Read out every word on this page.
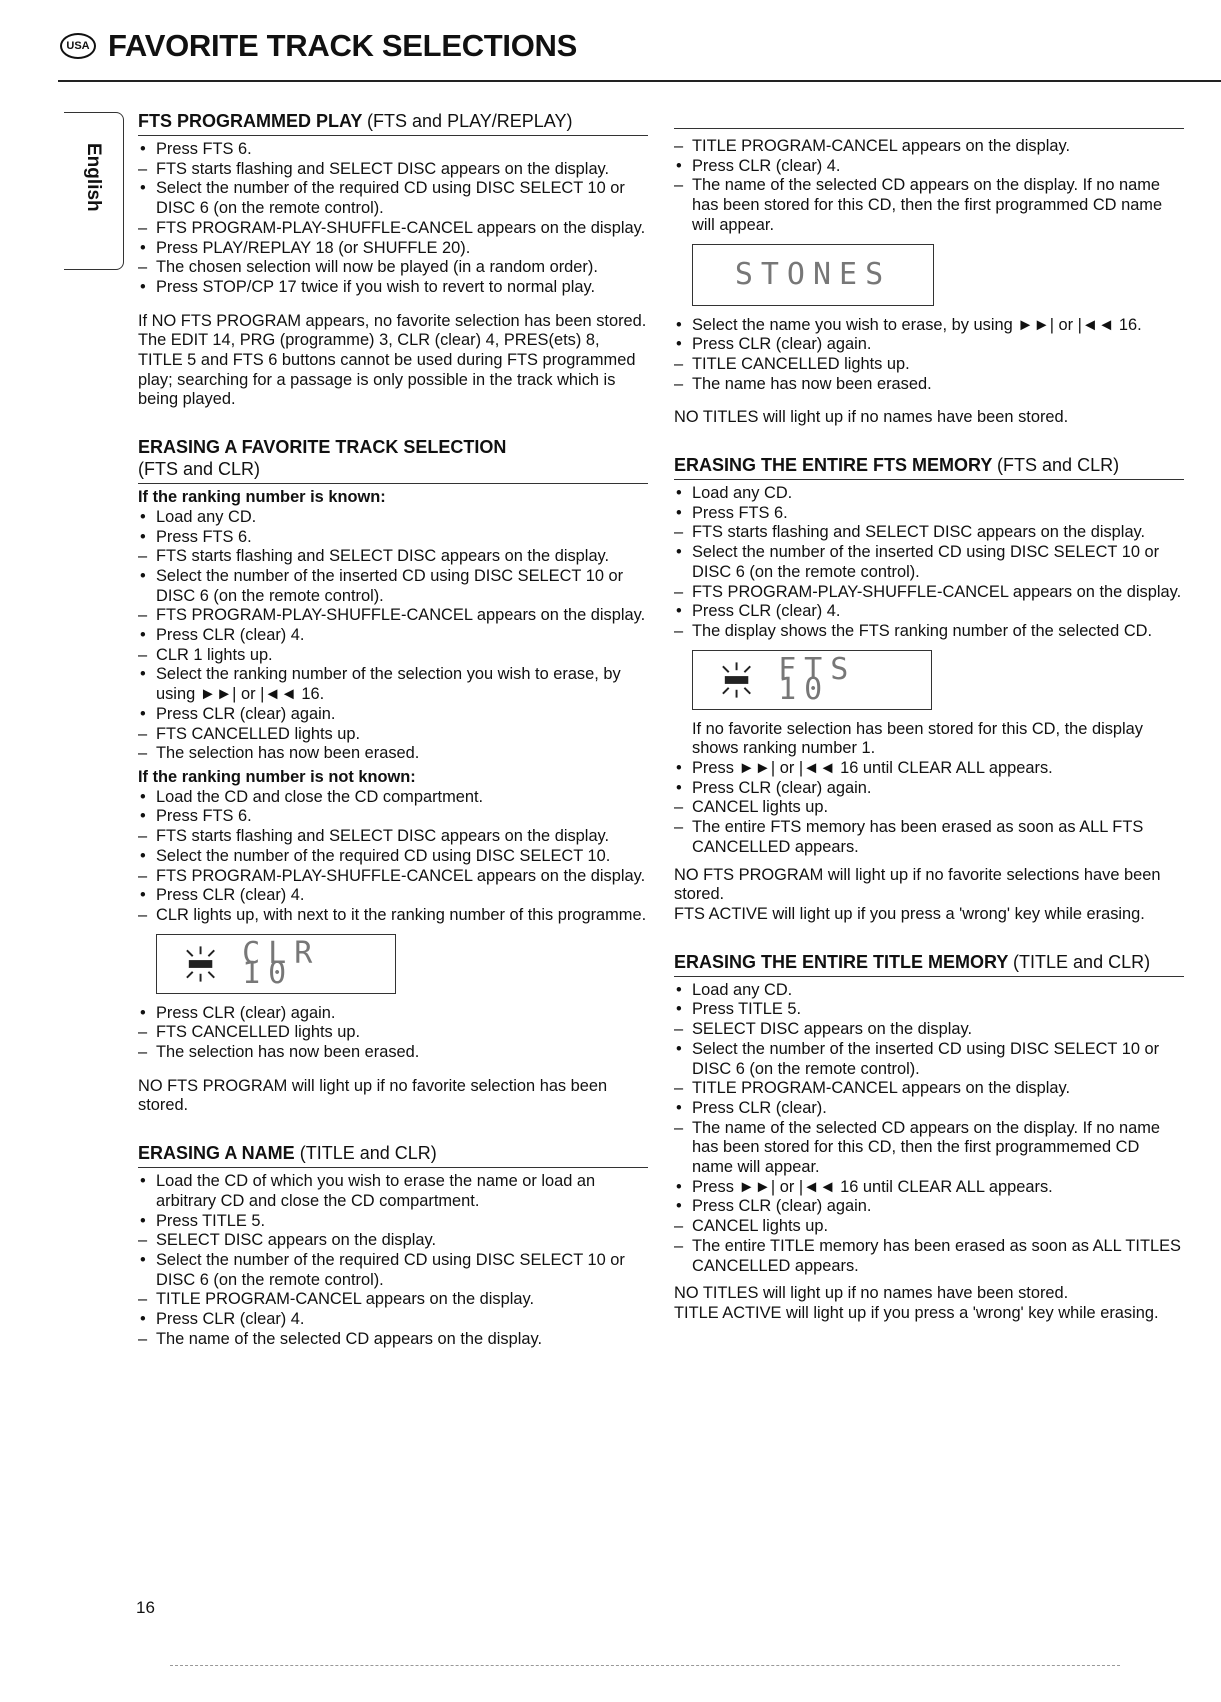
USA FAVORITE TRACK SELECTIONS
English
FTS PROGRAMMED PLAY (FTS and PLAY/REPLAY)
• Press FTS 6.
– FTS starts flashing and SELECT DISC appears on the display.
• Select the number of the required CD using DISC SELECT 10 or DISC 6 (on the remote control).
– FTS PROGRAM-PLAY-SHUFFLE-CANCEL appears on the display.
• Press PLAY/REPLAY 18 (or SHUFFLE 20).
– The chosen selection will now be played (in a random order).
• Press STOP/CP 17 twice if you wish to revert to normal play.

If NO FTS PROGRAM appears, no favorite selection has been stored.

The EDIT 14, PRG (programme) 3, CLR (clear) 4, PRES(ets) 8, TITLE 5 and FTS 6 buttons cannot be used during FTS programmed play; searching for a passage is only possible in the track which is being played.

ERASING A FAVORITE TRACK SELECTION
(FTS and CLR)
If the ranking number is known:
• Load any CD.
• Press FTS 6.
– FTS starts flashing and SELECT DISC appears on the display.
• Select the number of the inserted CD using DISC SELECT 10 or DISC 6 (on the remote control).
– FTS PROGRAM-PLAY-SHUFFLE-CANCEL appears on the display.
• Press CLR (clear) 4.
– CLR 1 lights up.
• Select the ranking number of the selection you wish to erase, by using ►►| or |◄◄ 16.
• Press CLR (clear) again.
– FTS CANCELLED lights up.
– The selection has now been erased.
If the ranking number is not known:
• Load the CD and close the CD compartment.
• Press FTS 6.
– FTS starts flashing and SELECT DISC appears on the display.
• Select the number of the required CD using DISC SELECT 10.
– FTS PROGRAM-PLAY-SHUFFLE-CANCEL appears on the display.
• Press CLR (clear) 4.
– CLR lights up, with next to it the ranking number of this programme.
CLR 10
• Press CLR (clear) again.
– FTS CANCELLED lights up.
– The selection has now been erased.

NO FTS PROGRAM will light up if no favorite selection has been stored.

ERASING A NAME (TITLE and CLR)
• Load the CD of which you wish to erase the name or load an arbitrary CD and close the CD compartment.
• Press TITLE 5.
– SELECT DISC appears on the display.
• Select the number of the required CD using DISC SELECT 10 or DISC 6 (on the remote control).
– TITLE PROGRAM-CANCEL appears on the display.
• Press CLR (clear) 4.
– The name of the selected CD appears on the display.
– TITLE PROGRAM-CANCEL appears on the display.
• Press CLR (clear) 4.
– The name of the selected CD appears on the display. If no name has been stored for this CD, then the first programmed CD name will appear.
STONES
• Select the name you wish to erase, by using ►►| or |◄◄ 16.
• Press CLR (clear) again.
– TITLE CANCELLED lights up.
– The name has now been erased.

NO TITLES will light up if no names have been stored.

ERASING THE ENTIRE FTS MEMORY (FTS and CLR)
• Load any CD.
• Press FTS 6.
– FTS starts flashing and SELECT DISC appears on the display.
• Select the number of the inserted CD using DISC SELECT 10 or DISC 6 (on the remote control).
– FTS PROGRAM-PLAY-SHUFFLE-CANCEL appears on the display.
• Press CLR (clear) 4.
– The display shows the FTS ranking number of the selected CD.
FTS 10

If no favorite selection has been stored for this CD, the display shows ranking number 1.

• Press ►►| or |◄◄ 16 until CLEAR ALL appears.
• Press CLR (clear) again.
– CANCEL lights up.
– The entire FTS memory has been erased as soon as ALL FTS CANCELLED appears.

NO FTS PROGRAM will light up if no favorite selections have been stored.

FTS ACTIVE will light up if you press a 'wrong' key while erasing.

ERASING THE ENTIRE TITLE MEMORY (TITLE and CLR)
• Load any CD.
• Press TITLE 5.
– SELECT DISC appears on the display.
• Select the number of the inserted CD using DISC SELECT 10 or DISC 6 (on the remote control).
– TITLE PROGRAM-CANCEL appears on the display.
• Press CLR (clear).
– The name of the selected CD appears on the display. If no name has been stored for this CD, then the first programmemed CD name will appear.
• Press ►►| or |◄◄ 16 until CLEAR ALL appears.
• Press CLR (clear) again.
– CANCEL lights up.
– The entire TITLE memory has been erased as soon as ALL TITLES CANCELLED appears.

NO TITLES will light up if no names have been stored.

TITLE ACTIVE will light up if you press a 'wrong' key while erasing.

16
